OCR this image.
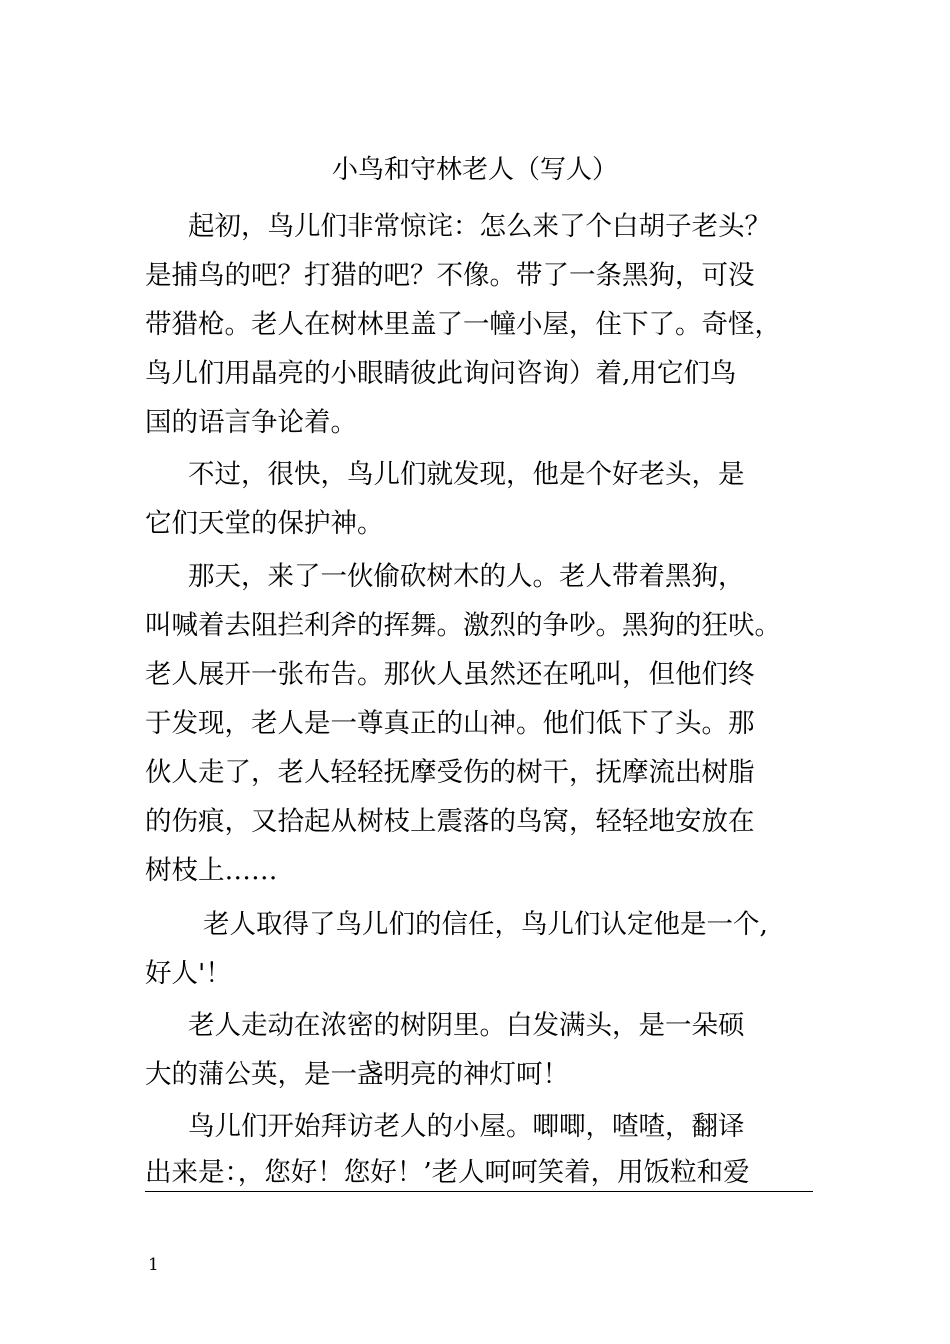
小鸟和守林老人（写人）
起初，鸟儿们非常惊诧：怎么来了个白胡子老头？
是捕鸟的吧？打猎的吧？不像。带了一条黑狗，可没
带猎枪。老人在树林里盖了一幢小屋，住下了。奇怪，
鸟儿们用晶亮的小眼睛彼此询问咨询）着,用它们鸟
国的语言争论着。
不过，很快，鸟儿们就发现，他是个好老头，是
它们天堂的保护神。
那天，来了一伙偷砍树木的人。老人带着黑狗，
叫喊着去阻拦利斧的挥舞。激烈的争吵。黑狗的狂吠。
老人展开一张布告。那伙人虽然还在吼叫，但他们终
于发现，老人是一尊真正的山神。他们低下了头。那
伙人走了，老人轻轻抚摩受伤的树干，抚摩流出树脂
的伤痕，又拾起从树枝上震落的鸟窝，轻轻地安放在
树枝上……
老人取得了鸟儿们的信任，鸟儿们认定他是一个,
好人'！
老人走动在浓密的树阴里。白发满头，是一朵硕
大的蒲公英，是一盏明亮的神灯呵！
鸟儿们开始拜访老人的小屋。唧唧，喳喳，翻译
出来是：，您好！您好！’老人呵呵笑着，用饭粒和爱
1
